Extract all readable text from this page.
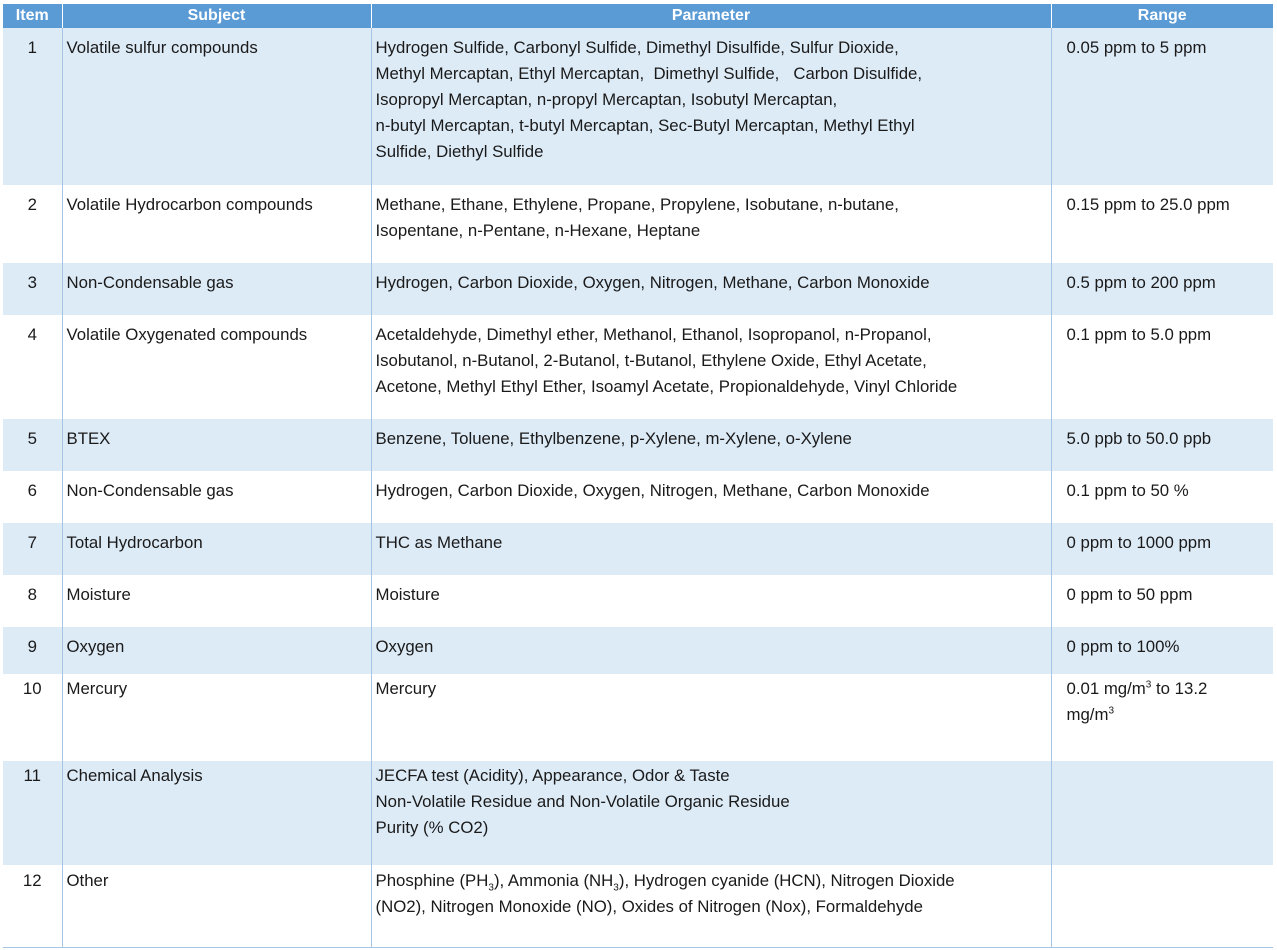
Item	Subject	Parameter	Range
1	Volatile sulfur compounds	Hydrogen Sulfide, Carbonyl Sulfide, Dimethyl Disulfide, Sulfur Dioxide,
Methyl Mercaptan, Ethyl Mercaptan,  Dimethyl Sulfide,   Carbon Disulfide,
Isopropyl Mercaptan, n-propyl Mercaptan, Isobutyl Mercaptan,
n-butyl Mercaptan, t-butyl Mercaptan, Sec-Butyl Mercaptan, Methyl Ethyl
Sulfide, Diethyl Sulfide	0.05 ppm to 5 ppm
2	Volatile Hydrocarbon compounds	Methane, Ethane, Ethylene, Propane, Propylene, Isobutane, n-butane,
Isopentane, n-Pentane, n-Hexane, Heptane	0.15 ppm to 25.0 ppm
3	Non-Condensable gas	Hydrogen, Carbon Dioxide, Oxygen, Nitrogen, Methane, Carbon Monoxide	0.5 ppm to 200 ppm
4	Volatile Oxygenated compounds	Acetaldehyde, Dimethyl ether, Methanol, Ethanol, Isopropanol, n-Propanol,
Isobutanol, n-Butanol, 2-Butanol, t-Butanol, Ethylene Oxide, Ethyl Acetate,
Acetone, Methyl Ethyl Ether, Isoamyl Acetate, Propionaldehyde, Vinyl Chloride	0.1 ppm to 5.0 ppm
5	BTEX	Benzene, Toluene, Ethylbenzene, p-Xylene, m-Xylene, o-Xylene	5.0 ppb to 50.0 ppb
6	Non-Condensable gas	Hydrogen, Carbon Dioxide, Oxygen, Nitrogen, Methane, Carbon Monoxide	0.1 ppm to 50 %
7	Total Hydrocarbon	THC as Methane	0 ppm to 1000 ppm
8	Moisture	Moisture	0 ppm to 50 ppm
9	Oxygen	Oxygen	0 ppm to 100%
10	Mercury	Mercury	0.01 $mg/m^3$ to 13.2
$mg/m^3$

11	Chemical Analysis	JECFA test (Acidity), Appearance, Odor & Taste
Non-Volatile Residue and Non-Volatile Organic Residue
Purity (% CO2)	

12	Other	Phosphine $(PH_3)$, Ammonia $(NH_3)$, Hydrogen cyanide (HCN), Nitrogen Dioxide
(NO2), Nitrogen Monoxide (NO), Oxides of Nitrogen (Nox), Formaldehyde	
